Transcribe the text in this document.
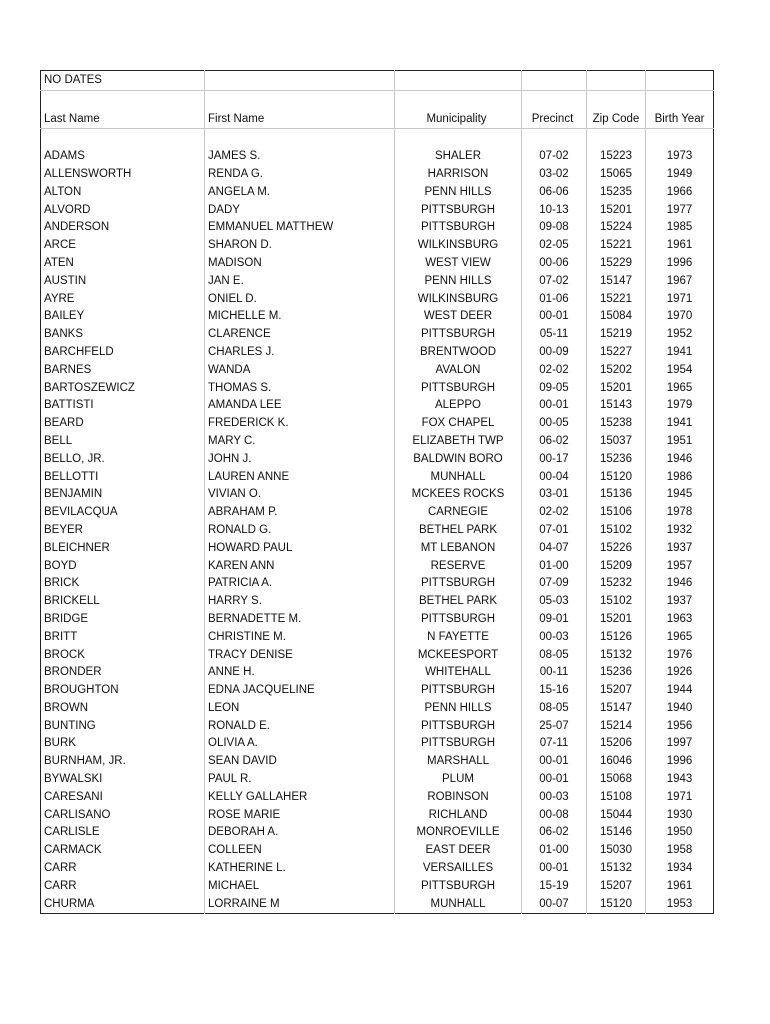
NO DATES					

Last Name	First Name	Municipality	Precinct	Zip Code	Birth Year

ADAMS	JAMES S.	SHALER	07-02	15223	1973
ALLENSWORTH	RENDA G.	HARRISON	03-02	15065	1949
ALTON	ANGELA M.	PENN HILLS	06-06	15235	1966
ALVORD	DADY	PITTSBURGH	10-13	15201	1977
ANDERSON	EMMANUEL MATTHEW	PITTSBURGH	09-08	15224	1985
ARCE	SHARON D.	WILKINSBURG	02-05	15221	1961
ATEN	MADISON	WEST VIEW	00-06	15229	1996
AUSTIN	JAN E.	PENN HILLS	07-02	15147	1967
AYRE	ONIEL D.	WILKINSBURG	01-06	15221	1971
BAILEY	MICHELLE M.	WEST DEER	00-01	15084	1970
BANKS	CLARENCE	PITTSBURGH	05-11	15219	1952
BARCHFELD	CHARLES J.	BRENTWOOD	00-09	15227	1941
BARNES	WANDA	AVALON	02-02	15202	1954
BARTOSZEWICZ	THOMAS S.	PITTSBURGH	09-05	15201	1965
BATTISTI	AMANDA LEE	ALEPPO	00-01	15143	1979
BEARD	FREDERICK K.	FOX CHAPEL	00-05	15238	1941
BELL	MARY C.	ELIZABETH TWP	06-02	15037	1951
BELLO, JR.	JOHN J.	BALDWIN BORO	00-17	15236	1946
BELLOTTI	LAUREN ANNE	MUNHALL	00-04	15120	1986
BENJAMIN	VIVIAN O.	MCKEES ROCKS	03-01	15136	1945
BEVILACQUA	ABRAHAM P.	CARNEGIE	02-02	15106	1978
BEYER	RONALD G.	BETHEL PARK	07-01	15102	1932
BLEICHNER	HOWARD PAUL	MT LEBANON	04-07	15226	1937
BOYD	KAREN ANN	RESERVE	01-00	15209	1957
BRICK	PATRICIA A.	PITTSBURGH	07-09	15232	1946
BRICKELL	HARRY S.	BETHEL PARK	05-03	15102	1937
BRIDGE	BERNADETTE M.	PITTSBURGH	09-01	15201	1963
BRITT	CHRISTINE M.	N FAYETTE	00-03	15126	1965
BROCK	TRACY DENISE	MCKEESPORT	08-05	15132	1976
BRONDER	ANNE H.	WHITEHALL	00-11	15236	1926
BROUGHTON	EDNA JACQUELINE	PITTSBURGH	15-16	15207	1944
BROWN	LEON	PENN HILLS	08-05	15147	1940
BUNTING	RONALD E.	PITTSBURGH	25-07	15214	1956
BURK	OLIVIA A.	PITTSBURGH	07-11	15206	1997
BURNHAM, JR.	SEAN DAVID	MARSHALL	00-01	16046	1996
BYWALSKI	PAUL R.	PLUM	00-01	15068	1943
CARESANI	KELLY GALLAHER	ROBINSON	00-03	15108	1971
CARLISANO	ROSE MARIE	RICHLAND	00-08	15044	1930
CARLISLE	DEBORAH A.	MONROEVILLE	06-02	15146	1950
CARMACK	COLLEEN	EAST DEER	01-00	15030	1958
CARR	KATHERINE L.	VERSAILLES	00-01	15132	1934
CARR	MICHAEL	PITTSBURGH	15-19	15207	1961
CHURMA	LORRAINE M	MUNHALL	00-07	15120	1953
